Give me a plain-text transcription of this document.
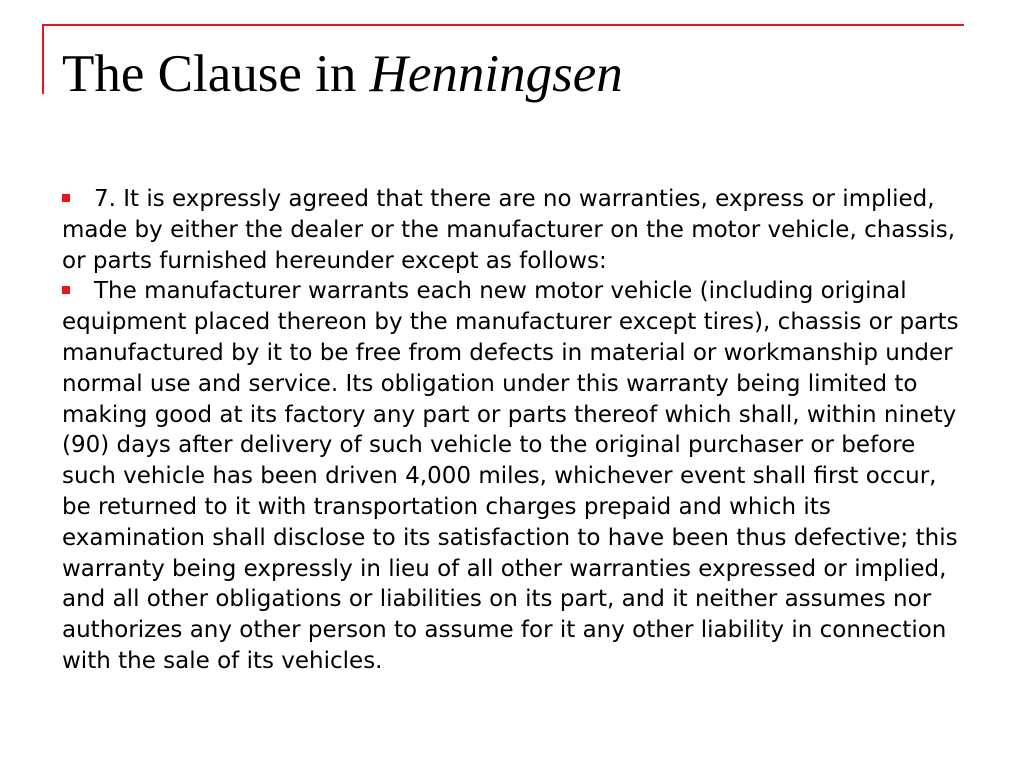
The Clause in Henningsen

7. It is expressly agreed that there are no warranties, express or implied, made by either the dealer or the manufacturer on the motor vehicle, chassis, or parts furnished hereunder except as follows:

The manufacturer warrants each new motor vehicle (including original equipment placed thereon by the manufacturer except tires), chassis or parts manufactured by it to be free from defects in material or workmanship under normal use and service. Its obligation under this warranty being limited to making good at its factory any part or parts thereof which shall, within ninety (90) days after delivery of such vehicle to the original purchaser or before such vehicle has been driven 4,000 miles, whichever event shall first occur, be returned to it with transportation charges prepaid and which its examination shall disclose to its satisfaction to have been thus defective; this warranty being expressly in lieu of all other warranties expressed or implied, and all other obligations or liabilities on its part, and it neither assumes nor authorizes any other person to assume for it any other liability in connection with the sale of its vehicles.
